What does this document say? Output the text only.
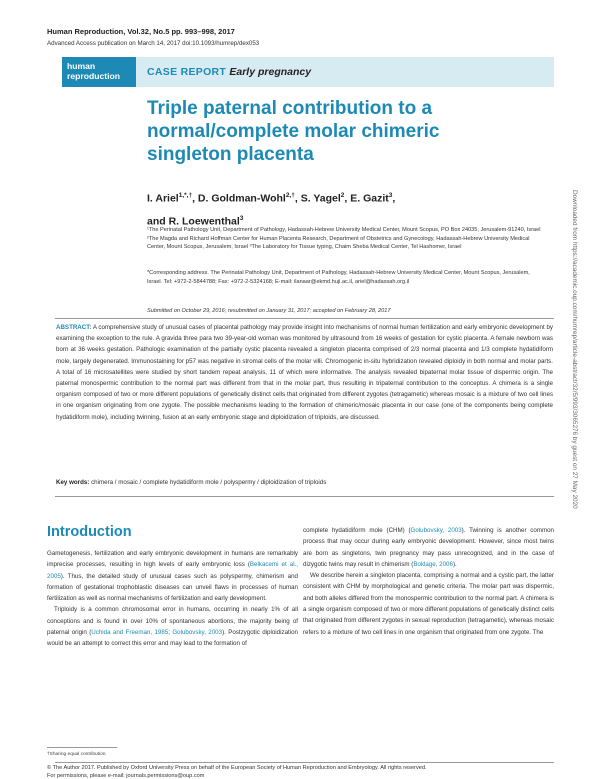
Human Reproduction, Vol.32, No.5 pp. 993–998, 2017
Advanced Access publication on March 14, 2017 doi:10.1093/humrep/dex053
human
reproduction	CASE REPORT Early pregnancy
Triple paternal contribution to a
normal/complete molar chimeric
singleton placenta
I. Ariel$^{1,*,\dagger}$, D. Goldman-Wohl$^{2,\dagger}$, S. Yagel$^2$, E. Gazit$^3$,
and R. Loewenthal$^3$
¹The Perinatal Pathology Unit, Department of Pathology, Hadassah-Hebrew University Medical Center, Mount Scopus, PO Box 24035, Jerusalem-91240, Israel ²The Magda and Richard Hoffman Center for Human Placenta Research, Department of Obstetrics and Gynecology, Hadassah-Hebrew University Medical Center, Mount Scopus, Jerusalem, Israel ³The Laboratory for Tissue typing, Chaim Sheba Medical Center, Tel Hashomer, Israel
*Corresponding address. The Perinatal Pathology Unit, Department of Pathology, Hadassah-Hebrew University Medical Center, Mount Scopus, Jerusalem, Israel. Tel: +972-2-5844788; Fax: +972-2-5324168; E-mail: ilanaar@ekmd.huji.ac.il, ariel@hadassah.org.il
Submitted on October 29, 2016; resubmitted on January 31, 2017; accepted on February 28, 2017
ABSTRACT: A comprehensive study of unusual cases of placental pathology may provide insight into mechanisms of normal human fertilization and early embryonic development by examining the exception to the rule. A gravida three para two 39-year-old woman was monitored by ultrasound from 16 weeks of gestation for cystic placenta. A female newborn was born at 36 weeks gestation. Pathologic examination of the partially cystic placenta revealed a singleton placenta comprised of 2/3 normal placenta and 1/3 complete hydatidiform mole, largely degenerated. Immunostaining for p57 was negative in stromal cells of the molar villi. Chromogenic in-situ hybridization revealed diploidy in both normal and molar parts. A total of 16 microsatellites were studied by short tandem repeat analysis, 11 of which were informative. The analysis revealed bipaternal molar tissue of dispermic origin. The paternal monospermic contribution to the normal part was different from that in the molar part, thus resulting in tripaternal contribution to the conceptus. A chimera is a single organism composed of two or more different populations of genetically distinct cells that originated from different zygotes (tetragametic) whereas mosaic is a mixture of two cell lines in one organism originating from one zygote. The possible mechanisms leading to the formation of chimeric/mosaic placenta in our case (one of the components being complete hydatidiform mole), including twinning, fusion at an early embryonic stage and diploidization of triploids, are discussed.
Key words: chimera / mosaic / complete hydatidiform mole / polyspermy / diploidization of triploids
Introduction

Gametogenesis, fertilization and early embryonic development in humans are remarkably imprecise processes, resulting in high levels of early embryonic loss (Belkacemi et al., 2005). Thus, the detailed study of unusual cases such as polyspermy, chimerism and formation of gestational trophoblastic diseases can unveil flaws in processes of human fertilization as well as normal mechanisms of fertilization and early development.

Triploidy is a common chromosomal error in humans, occurring in nearly 1% of all conceptions and is found in over 10% of spontaneous abortions, the majority being of paternal origin (Uchida and Freeman, 1985; Golubovsky, 2003). Postzygotic diploidization would be an attempt to correct this error and may lead to the formation of

complete hydatidiform mole (CHM) (Golubovsky, 2003). Twinning is another common process that may occur during early embryonic development. However, since most twins are born as singletons, twin pregnancy may pass unrecognized, and in the case of dizygotic twins may result in chimerism (Boklage, 2006).

We describe herein a singleton placenta, comprising a normal and a cystic part, the latter consistent with CHM by morphological and genetic criteria. The molar part was dispermic, and both alleles differed from the monospermic contribution to the normal part. A chimera is a single organism composed of two or more different populations of genetically distinct cells that originated from different zygotes in sexual reproduction (tetragametic), whereas mosaic refers to a mixture of two cell lines in one organism that originated from one zygote. The

†Sharing equal contribution.
© The Author 2017. Published by Oxford University Press on behalf of the European Society of Human Reproduction and Embryology. All rights reserved.
For permissions, please e-mail: journals.permissions@oup.com
Downloaded from https://academic.oup.com/humrep/article-abstract/32/5/993/3065276 by guest on 27 May 2020
